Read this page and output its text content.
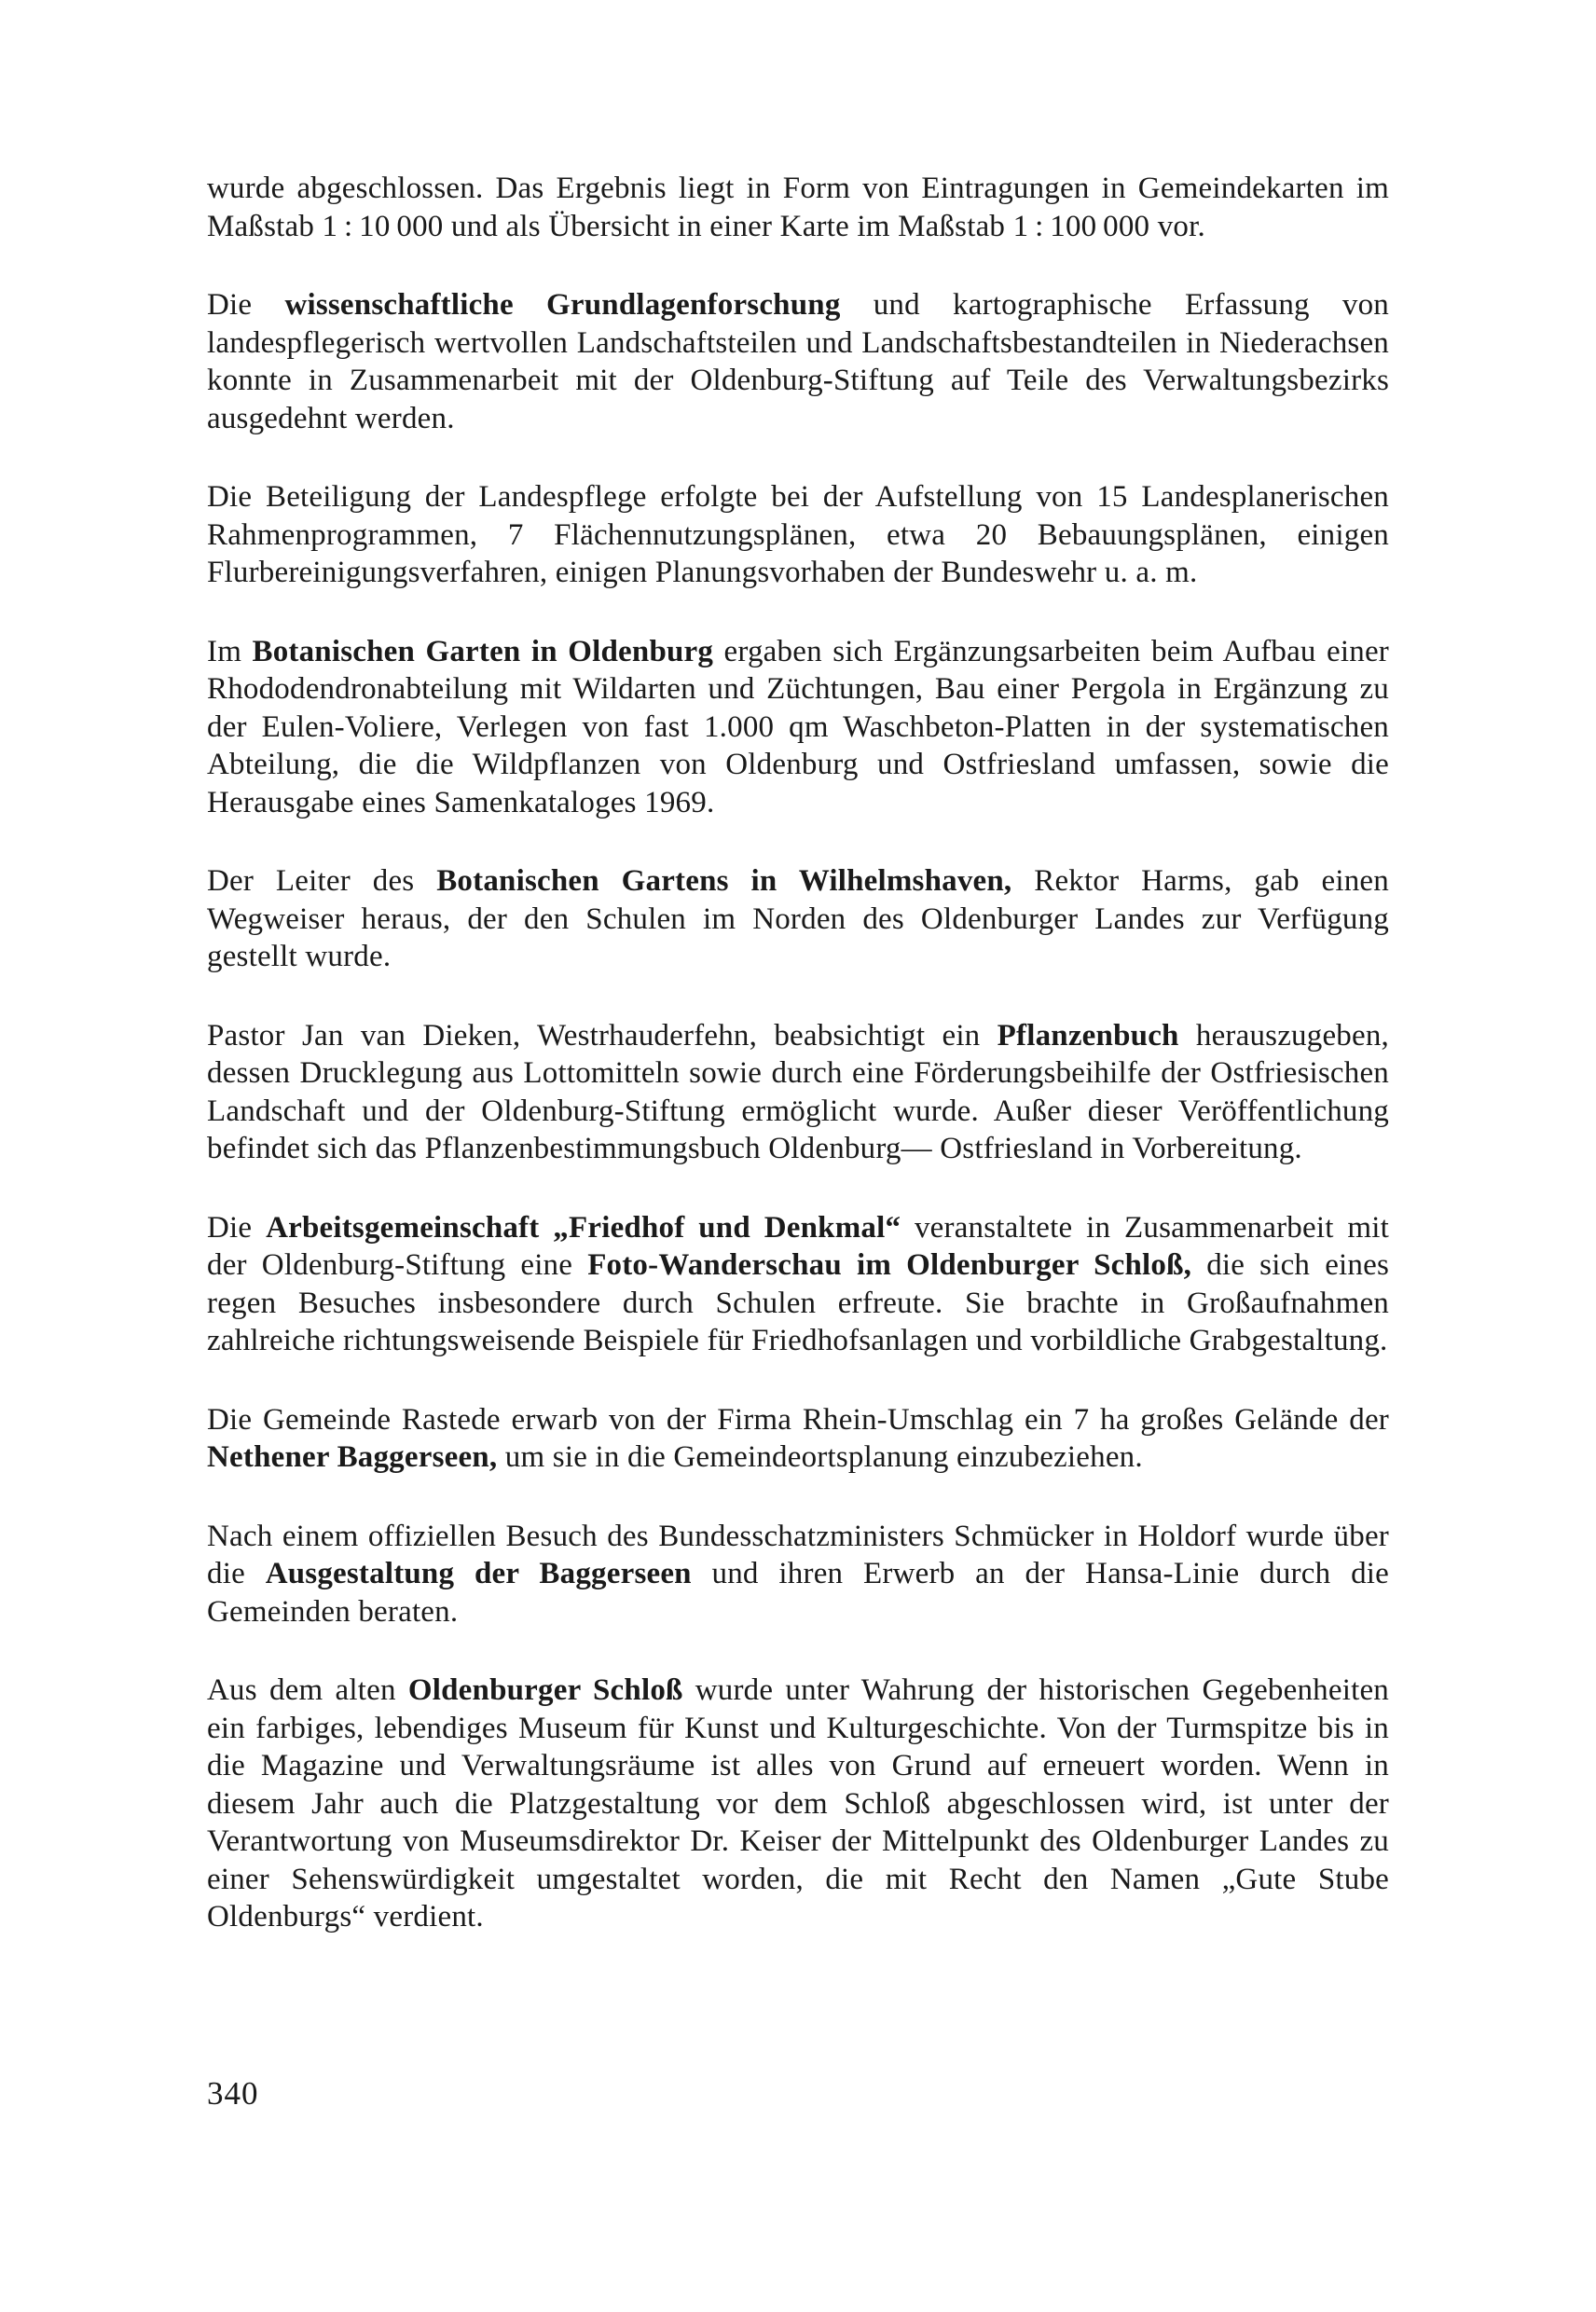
wurde abgeschlossen. Das Ergebnis liegt in Form von Eintragungen in Gemeindekarten im Maßstab 1 : 10 000 und als Übersicht in einer Karte im Maßstab 1 : 100 000 vor.

Die wissenschaftliche Grundlagenforschung und kartographische Erfassung von landespflegerisch wertvollen Landschaftsteilen und Landschaftsbestandteilen in Niederachsen konnte in Zusammenarbeit mit der Oldenburg-Stiftung auf Teile des Verwaltungsbezirks ausgedehnt werden.

Die Beteiligung der Landespflege erfolgte bei der Aufstellung von 15 Landesplanerischen Rahmenprogrammen, 7 Flächennutzungsplänen, etwa 20 Bebauungsplänen, einigen Flurbereinigungsverfahren, einigen Planungsvorhaben der Bundeswehr u. a. m.

Im Botanischen Garten in Oldenburg ergaben sich Ergänzungsarbeiten beim Aufbau einer Rhododendronabteilung mit Wildarten und Züchtungen, Bau einer Pergola in Ergänzung zu der Eulen-Voliere, Verlegen von fast 1.000 qm Waschbeton-Platten in der systematischen Abteilung, die die Wildpflanzen von Oldenburg und Ostfriesland umfassen, sowie die Herausgabe eines Samenkataloges 1969.

Der Leiter des Botanischen Gartens in Wilhelmshaven, Rektor Harms, gab einen Wegweiser heraus, der den Schulen im Norden des Oldenburger Landes zur Verfügung gestellt wurde.

Pastor Jan van Dieken, Westrhauderfehn, beabsichtigt ein Pflanzenbuch herauszugeben, dessen Drucklegung aus Lottomitteln sowie durch eine Förderungsbeihilfe der Ostfriesischen Landschaft und der Oldenburg-Stiftung ermöglicht wurde. Außer dieser Veröffentlichung befindet sich das Pflanzenbestimmungsbuch Oldenburg— Ostfriesland in Vorbereitung.

Die Arbeitsgemeinschaft „Friedhof und Denkmal“ veranstaltete in Zusammenarbeit mit der Oldenburg-Stiftung eine Foto-Wanderschau im Oldenburger Schloß, die sich eines regen Besuches insbesondere durch Schulen erfreute. Sie brachte in Großaufnahmen zahlreiche richtungsweisende Beispiele für Friedhofsanlagen und vorbildliche Grabgestaltung.

Die Gemeinde Rastede erwarb von der Firma Rhein-Umschlag ein 7 ha großes Gelände der Nethener Baggerseen, um sie in die Gemeindeortsplanung einzubeziehen.

Nach einem offiziellen Besuch des Bundesschatzministers Schmücker in Holdorf wurde über die Ausgestaltung der Baggerseen und ihren Erwerb an der Hansa-Linie durch die Gemeinden beraten.

Aus dem alten Oldenburger Schloß wurde unter Wahrung der historischen Gegebenheiten ein farbiges, lebendiges Museum für Kunst und Kulturgeschichte. Von der Turmspitze bis in die Magazine und Verwaltungsräume ist alles von Grund auf erneuert worden. Wenn in diesem Jahr auch die Platzgestaltung vor dem Schloß abgeschlossen wird, ist unter der Verantwortung von Museumsdirektor Dr. Keiser der Mittelpunkt des Oldenburger Landes zu einer Sehenswürdigkeit umgestaltet worden, die mit Recht den Namen „Gute Stube Oldenburgs“ verdient.

340
